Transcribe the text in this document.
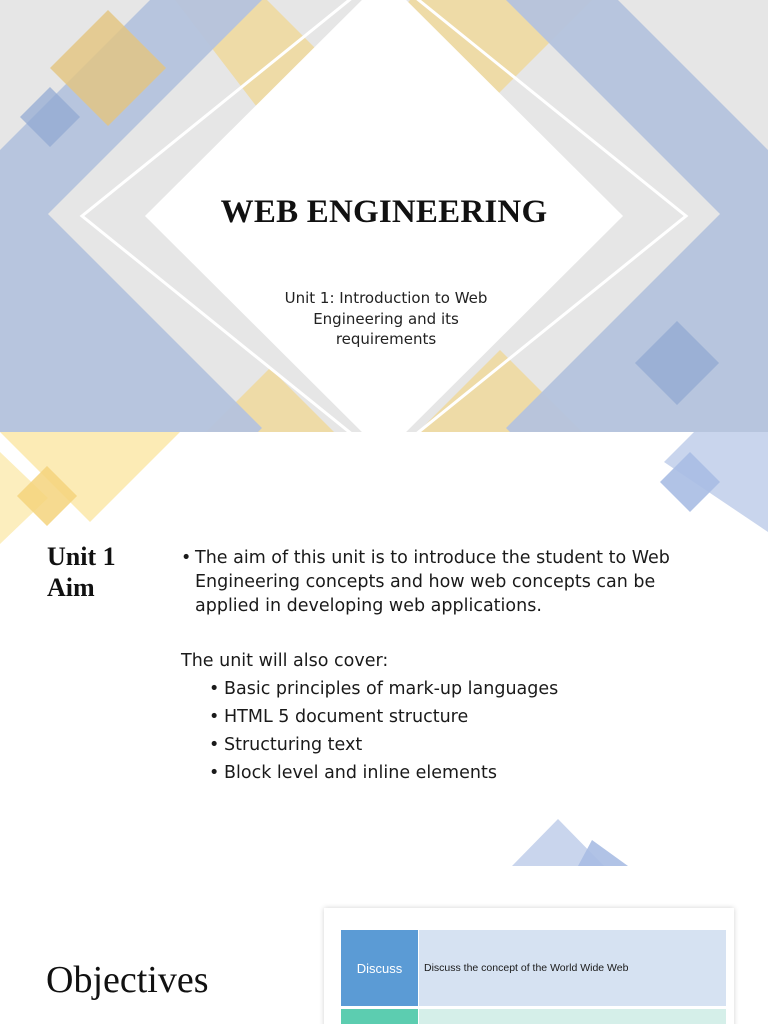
WEB ENGINEERING
Unit 1: Introduction to Web Engineering and its requirements
Unit 1
Aim
• The aim of this unit is to introduce the student to Web Engineering concepts and how web concepts can be applied in developing web applications.
The unit will also cover:
• Basic principles of mark-up languages
• HTML 5 document structure
• Structuring text
• Block level and inline elements
Objectives	Discuss	Discuss the concept of the World Wide Web
